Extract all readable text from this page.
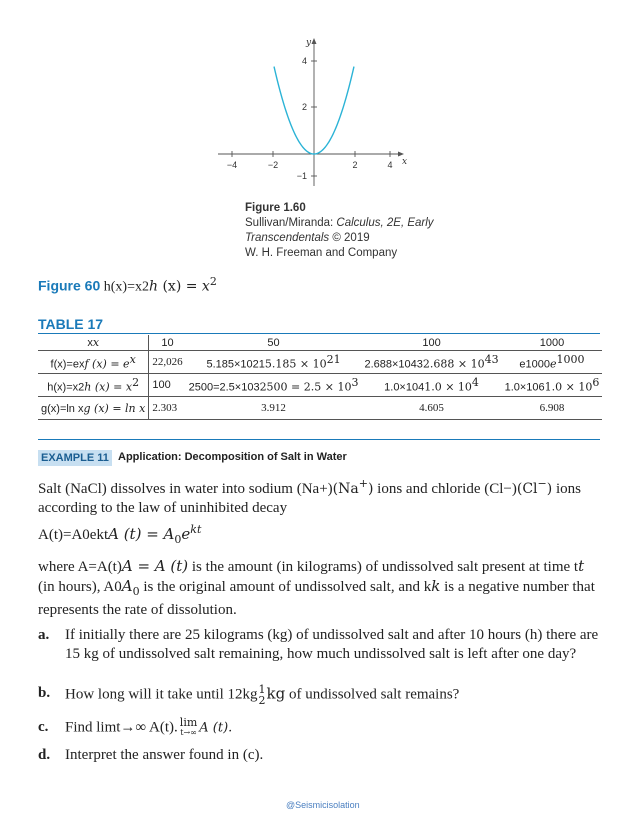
−4	−2	2	4
4
2
−1
x
y
Figure 1.60
Sullivan/Miranda: Calculus, 2E, Early
Transcendentals © 2019
W. H. Freeman and Company
Figure 60 h(x)=x2h $(x) = x^2$
TABLE 17
xx	10	50	100	1000
f(x)=exf $(x) = e^x$	22,026	$5.185\times 10215.185 \times 10^{21}$	$2.688\times 10432.688 \times 10^{43}$	$e1000e^{1000}$
h(x)=x2h $(x) = x^2$	100	$2500=2.5\times 1032500 = 2.5 \times 10^3$	$1.0\times 1041.0 \times 10^4$	$1.0\times 1061.0 \times 10^6$
g(x)=ln xg (x) = ln x	2.303	3.912	4.605	6.908
EXAMPLE 11 Application: Decomposition of Salt in Water
Salt (NaCl) dissolves in water into sodium (Na+)(Na+) ions and chloride (Cl−)(Cl−) ions
according to the law of uninhibited decay
A(t)=A0ektA $(t) = A_0e^{kt}$
where A=A(t)A = A (t) is the amount (in kilograms) of undissolved salt present at time tt
(in hours), $A0A_0$ is the original amount of undissolved salt, and kk is a negative number that
represents the rate of dissolution.
a. If initially there are 25 kilograms (kg) of undissolved salt and after 10 hours (h) there are
15 kg of undissolved salt remaining, how much undissolved salt is left after one day?
b. How long will it take until 12kg 1
2 kg of undissolved salt remains?
c. Find limt→∞ A(t). lim
t→∞ A (t).
d. Interpret the answer found in (c).
@Seismicisolation
